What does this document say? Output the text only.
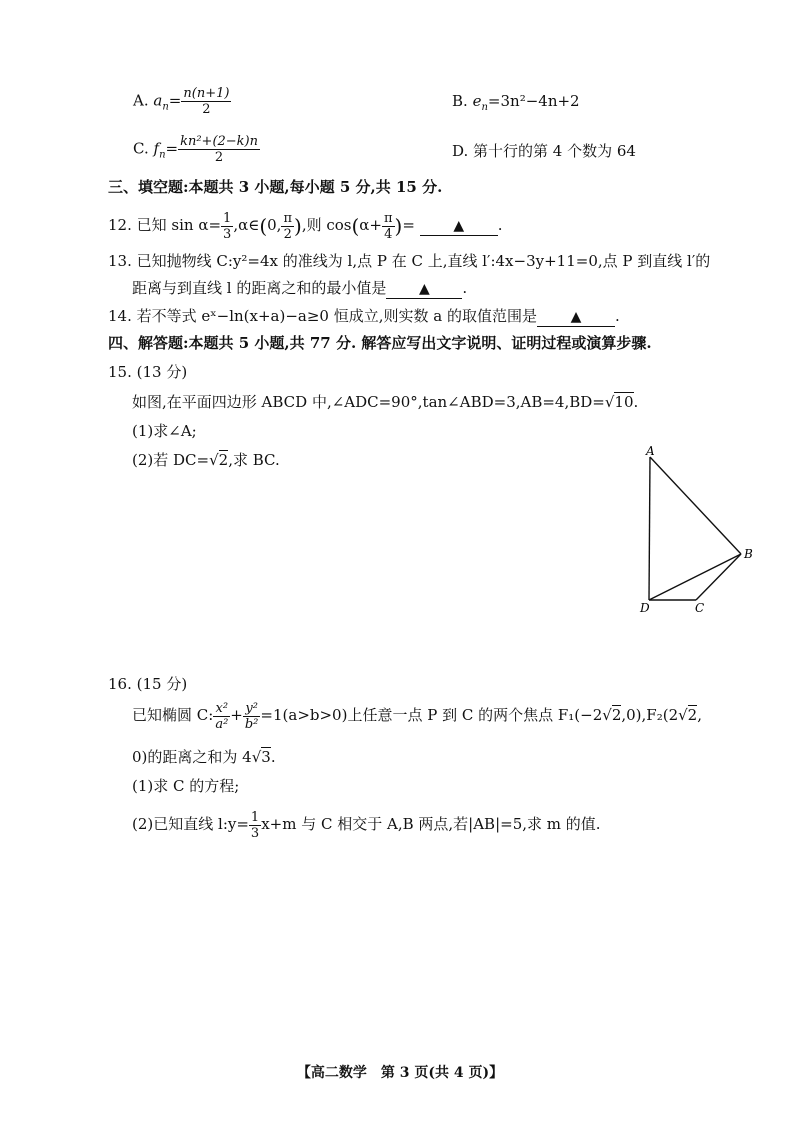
A. $a_n= \frac{n(n+1)}{2}$	B. $e_n=3n^2-4n+2$
C. $f_n= \frac{\text{kn²+(2−k)n}}{2}$	D. 第十行的第 4 个数为 64
三、填空题:本题共 3 小题,每小题 5 分,共 15 分.
12. 已知 $\sin \alpha= \frac{1}{3}$ ,α∈(0, $\frac{\pi}{2}$ ),则 $\cos(\alpha+ \frac{\pi}{4}$ )=	▲ .
13. 已知抛物线 C:y²=4x 的准线为 l,点 P 在 C 上,直线 l′:4x−3y+11=0,点 P 到直线 l′的
距离与到直线 l 的距离之和的最小值是 ▲ .
14. 若不等式 eˣ−ln(x+a)−a≥0 恒成立,则实数 a 的取值范围是 ▲ .
四、解答题:本题共 5 小题,共 77 分. 解答应写出文字说明、证明过程或演算步骤.
15. (13 分)
如图,在平面四边形 ABCD 中,∠ADC=90°,tan∠ABD=3,AB=4,BD=√10.
(1)求∠A;
(2)若 DC=√2,求 BC.	A
B
C
D
16. (15 分)
已知椭圆 C: $\frac{\text{x²}}{\text{a²}} + \frac{\text{y²}}{\text{b²}} =1(a>b>0)$上任意一点 P 到 C 的两个焦点 F₁(−2√2,0),F₂(2√2,
0)的距离之和为 4√3.
(1)求 C 的方程;
(2)已知直线 l:y= $\frac{1}{3} x+m$ 与 C 相交于 A,B 两点,若|AB|=5,求 m 的值.
【高二数学　第 3 页(共 4 页)】
